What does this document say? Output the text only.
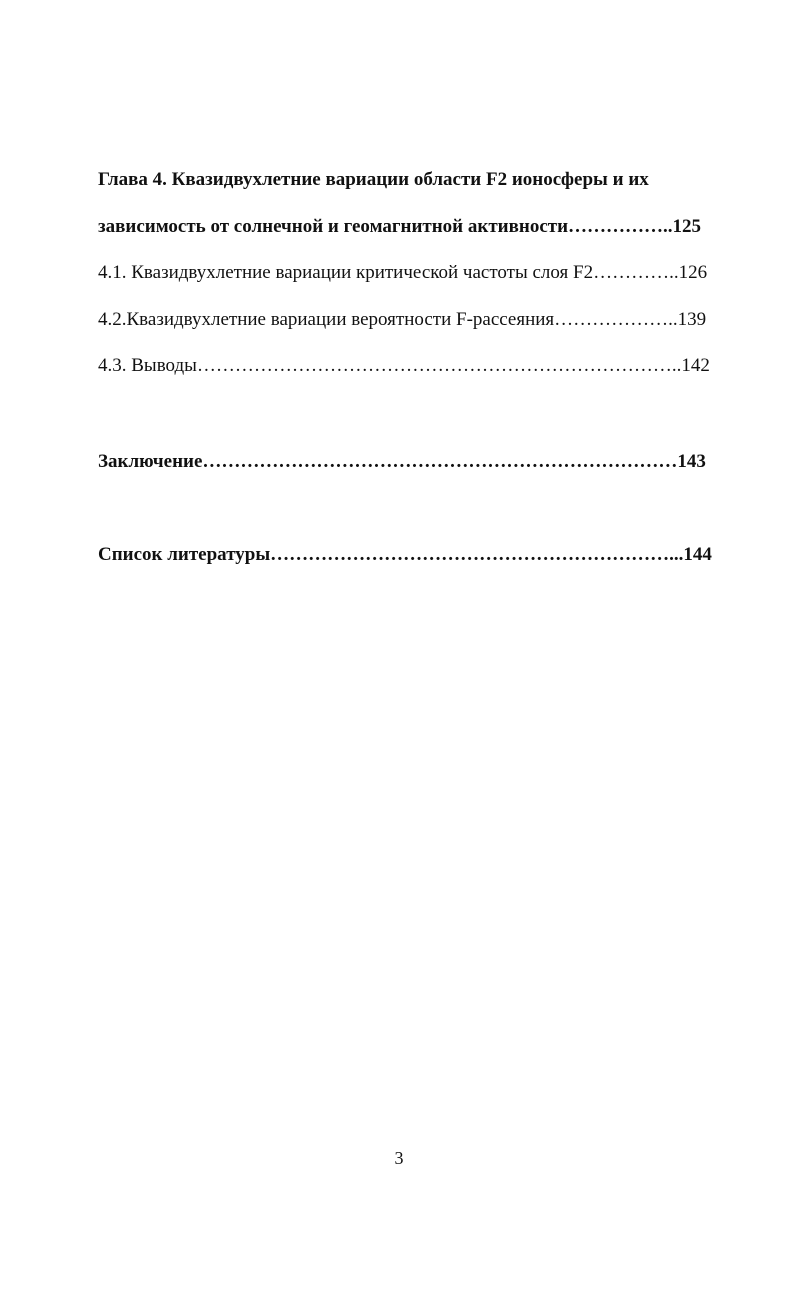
Глава 4. Квазидвухлетние вариации области F2 ионосферы и их
зависимость от солнечной и геомагнитной активности……………..125
4.1. Квазидвухлетние вариации критической частоты слоя F2…………..126
4.2.Квазидвухлетние вариации вероятности F-рассеяния………………..139
4.3. Выводы…………………………………………………………………..142
Заключение…………………………………………………………………143
Список литературы………………………………………………………...144
3
